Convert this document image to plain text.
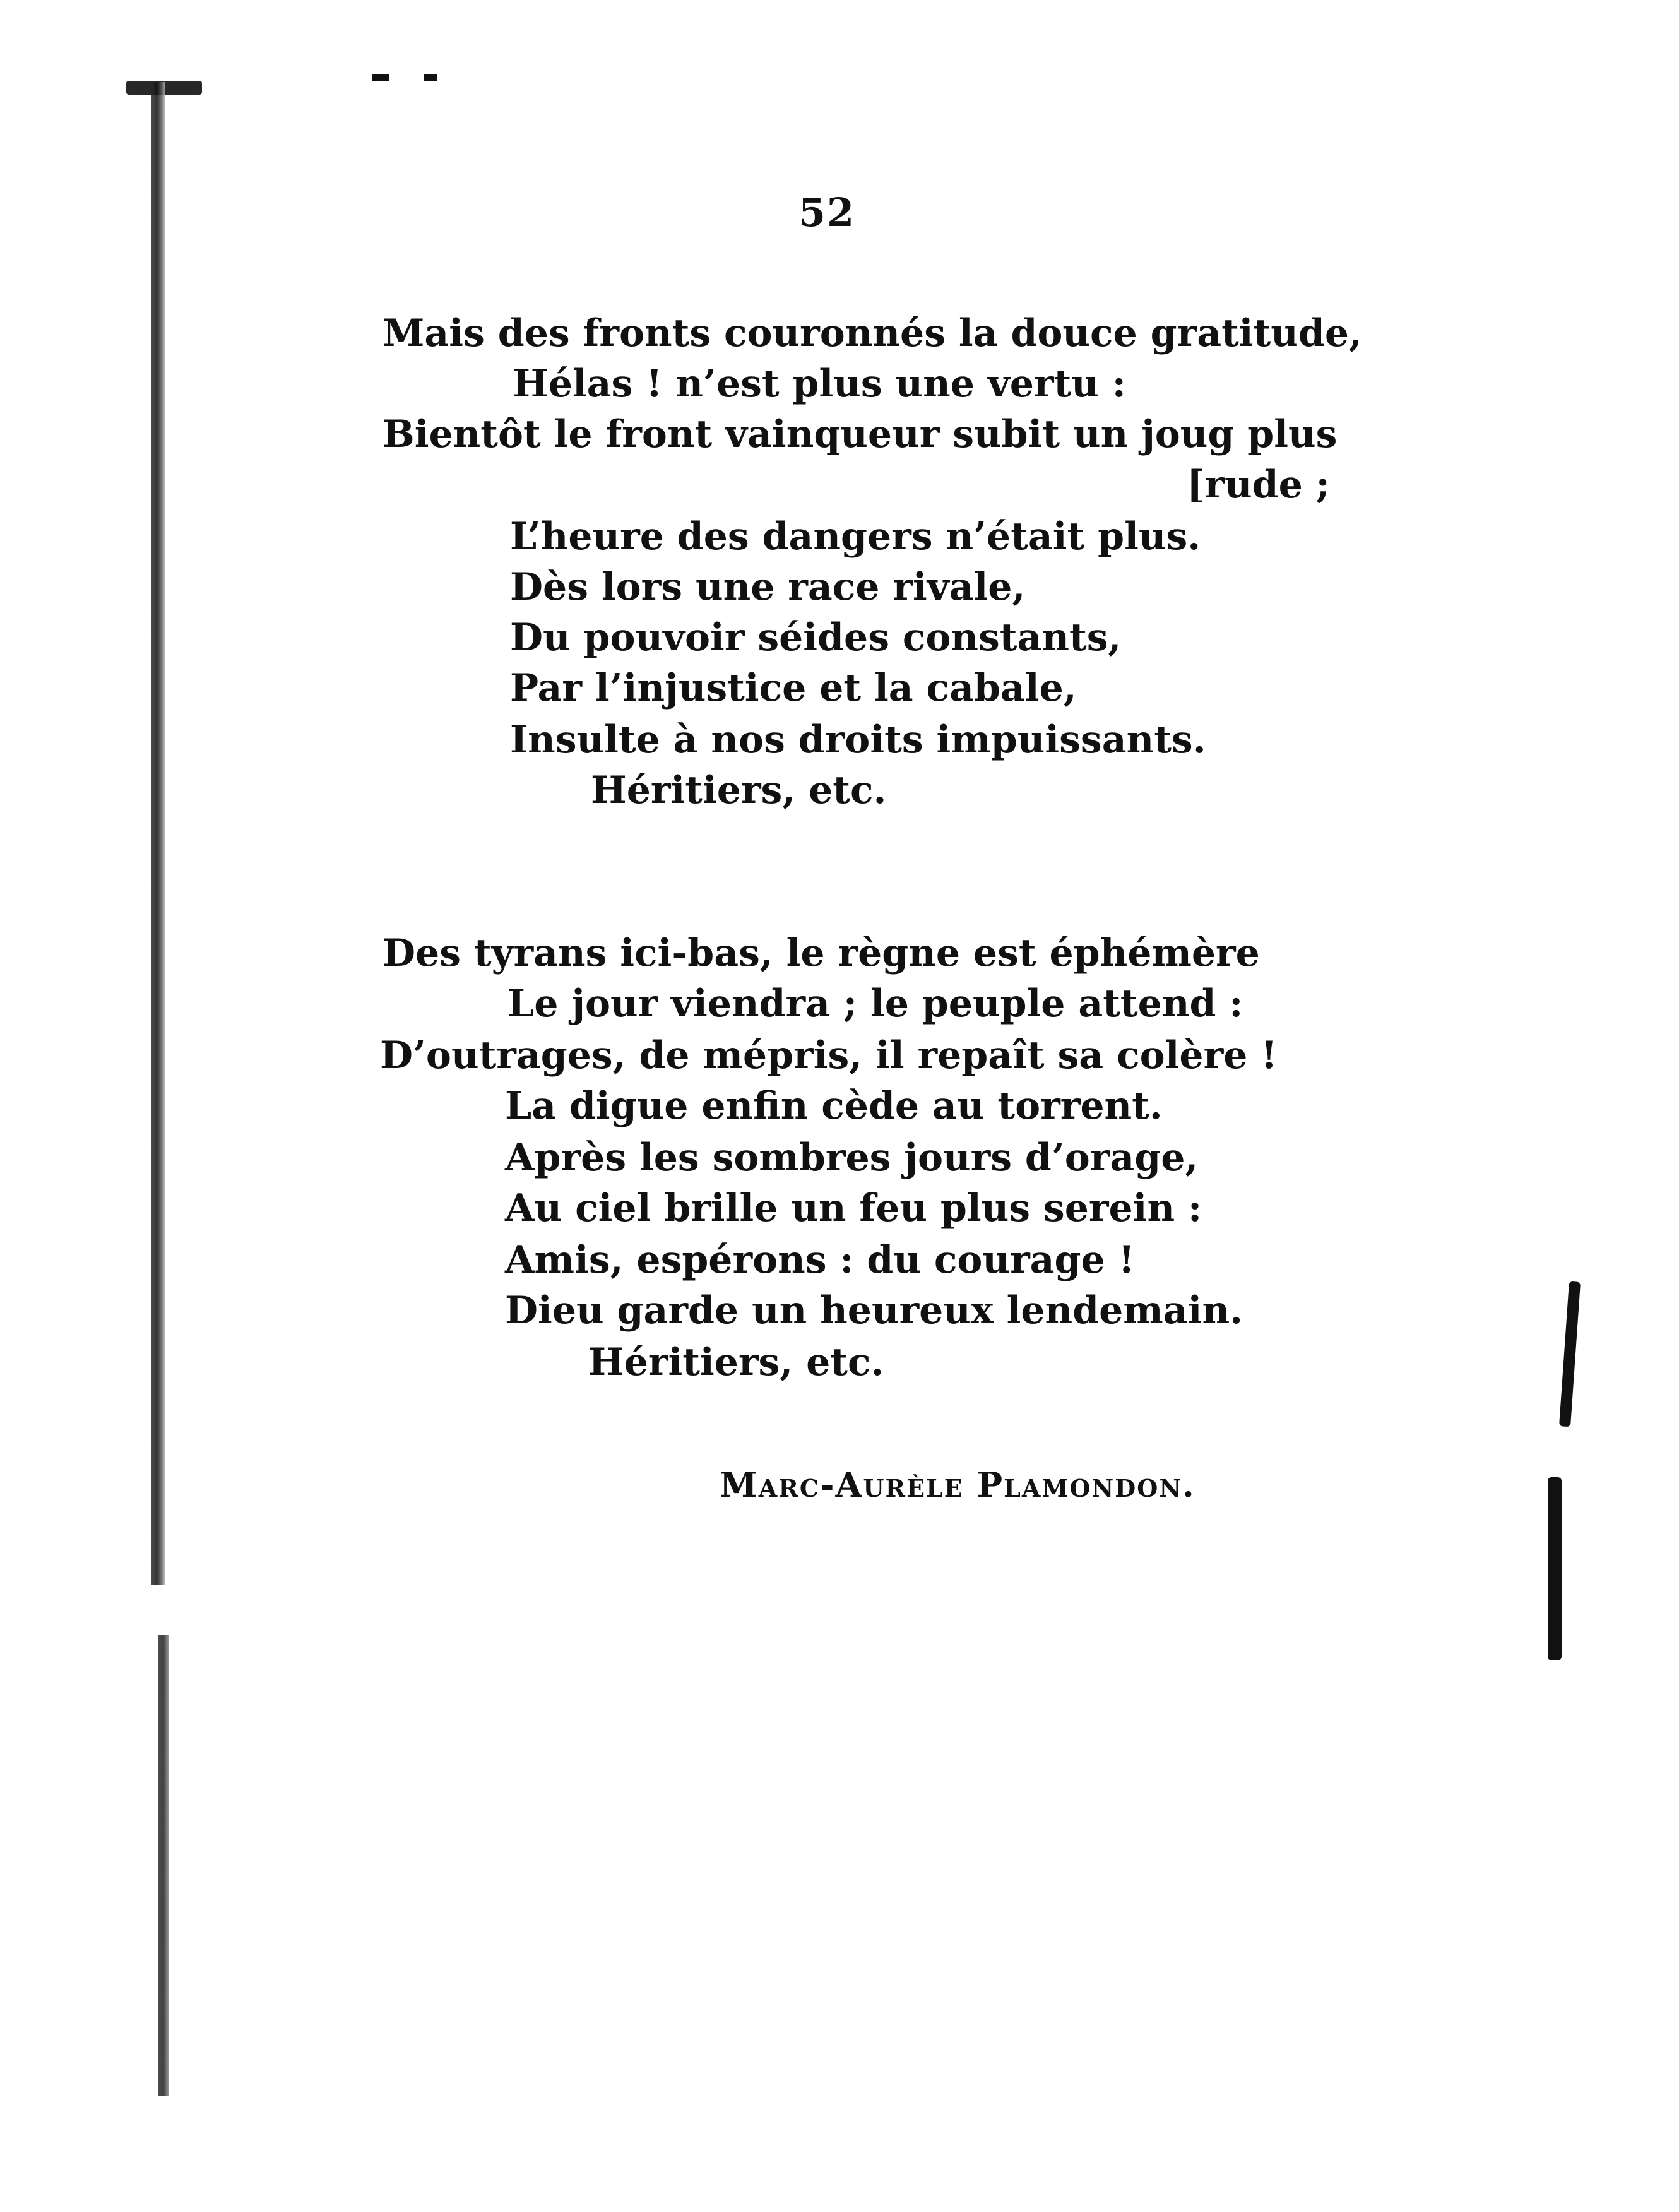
52
Mais des fronts couronnés la douce gratitude,
Hélas ! n’est plus une vertu :
Bientôt le front vainqueur subit un joug plus
[rude ;
L’heure des dangers n’était plus.
Dès lors une race rivale,
Du pouvoir séides constants,
Par l’injustice et la cabale,
Insulte à nos droits impuissants.
Héritiers, etc.
Des tyrans ici-bas, le règne est éphémère
Le jour viendra ; le peuple attend :
D’outrages, de mépris, il repaît sa colère !
La digue enfin cède au torrent.
Après les sombres jours d’orage,
Au ciel brille un feu plus serein :
Amis, espérons : du courage !
Dieu garde un heureux lendemain.
Héritiers, etc.
Marc-Aurèle Plamondon.
